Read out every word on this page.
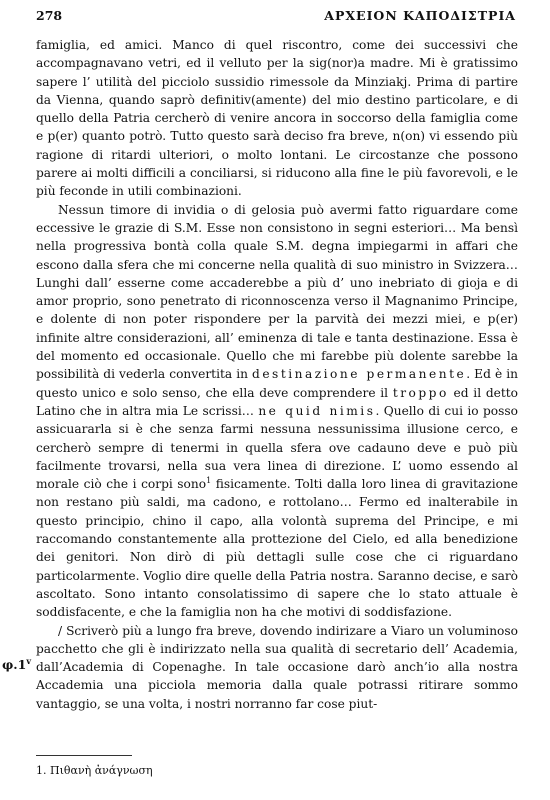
278	ΑΡΧΕΙΟΝ ΚΑΠΟΔΙΣΤΡΙΑ

famiglia, ed amici. Manco di quel riscontro, come dei successivi che accompagnavano vetri, ed il velluto per la sig(nor)a madre. Mi è gratissimo sapere l’ utilità del picciolo sussidio rimessole da Minziakj. Prima di partire da Vienna, quando saprò definitiv(amente) del mio destino particolare, e di quello della Patria cercherò di venire ancora in soccorso della famiglia come e p(er) quanto potrò. Tutto questo sarà deciso fra breve, n(on) vi essendo più ragione di ritardi ulteriori, o molto lontani. Le circostanze che possono parere ai molti difficili a conciliarsi, si riducono alla fine le più favorevoli, e le più feconde in utili combinazioni.

Nessun timore di invidia o di gelosia può avermi fatto riguardare come eccessive le grazie di S.M. Esse non consistono in segni esteriori… Ma bensì nella progressiva bontà colla quale S.M. degna impiegarmi in affari che escono dalla sfera che mi concerne nella qualità di suo ministro in Svizzera… Lunghi dall’ esserne come accaderebbe a più d’ uno inebriato di gioja e di amor proprio, sono penetrato di riconnoscenza verso il Magnanimo Principe, e dolente di non poter rispondere per la parvità dei mezzi miei, e p(er) infinite altre considerazioni, all’ eminenza di tale e tanta destinazione. Essa è del momento ed occasionale. Quello che mi farebbe più dolente sarebbe la possibilità di vederla convertita in destinazione permanente. Ed è in questo unico e solo senso, che ella deve comprendere il troppo ed il detto Latino che in altra mia Le scrissi… ne quid nimis. Quello di cui io posso assicuararla si è che senza farmi nessuna nessunissima illusione cerco, e cercherò sempre di tenermi in quella sfera ove cadauno deve e può più facilmente trovarsi, nella sua vera linea di direzione. L’ uomo essendo al morale ciò che i corpi sono$^1$ fisicamente. Tolti dalla loro linea di gravitazione non restano più saldi, ma cadono, e rottolano… Fermo ed inalterabile in questo principio, chino il capo, alla volontà suprema del Principe, e mi raccomando constantemente alla prottezione del Cielo, ed alla benedizione dei genitori. Non dirò di più dettagli sulle cose che ci riguardano particolarmente. Voglio dire quelle della Patria nostra. Saranno decise, e sarò ascoltato. Sono intanto consolatissimo di sapere che lo stato attuale è soddisfacente, e che la famiglia non ha che motivi di soddisfazione.

/ Scriverò più a lungo fra breve, dovendo indirizare a Viaro un voluminoso pacchetto che gli è indirizzato nella sua qualità di secretario dell’ Academia, dall’Academia di Copenaghe. In tale occasione darò anch’io alla nostra Accademia una picciola memoria dalla quale potrassi ritirare sommo vantaggio, se una volta, i nostri norranno far cose piut-

φ.1$^v$
1. Πιθανὴ ἀνάγνωση
